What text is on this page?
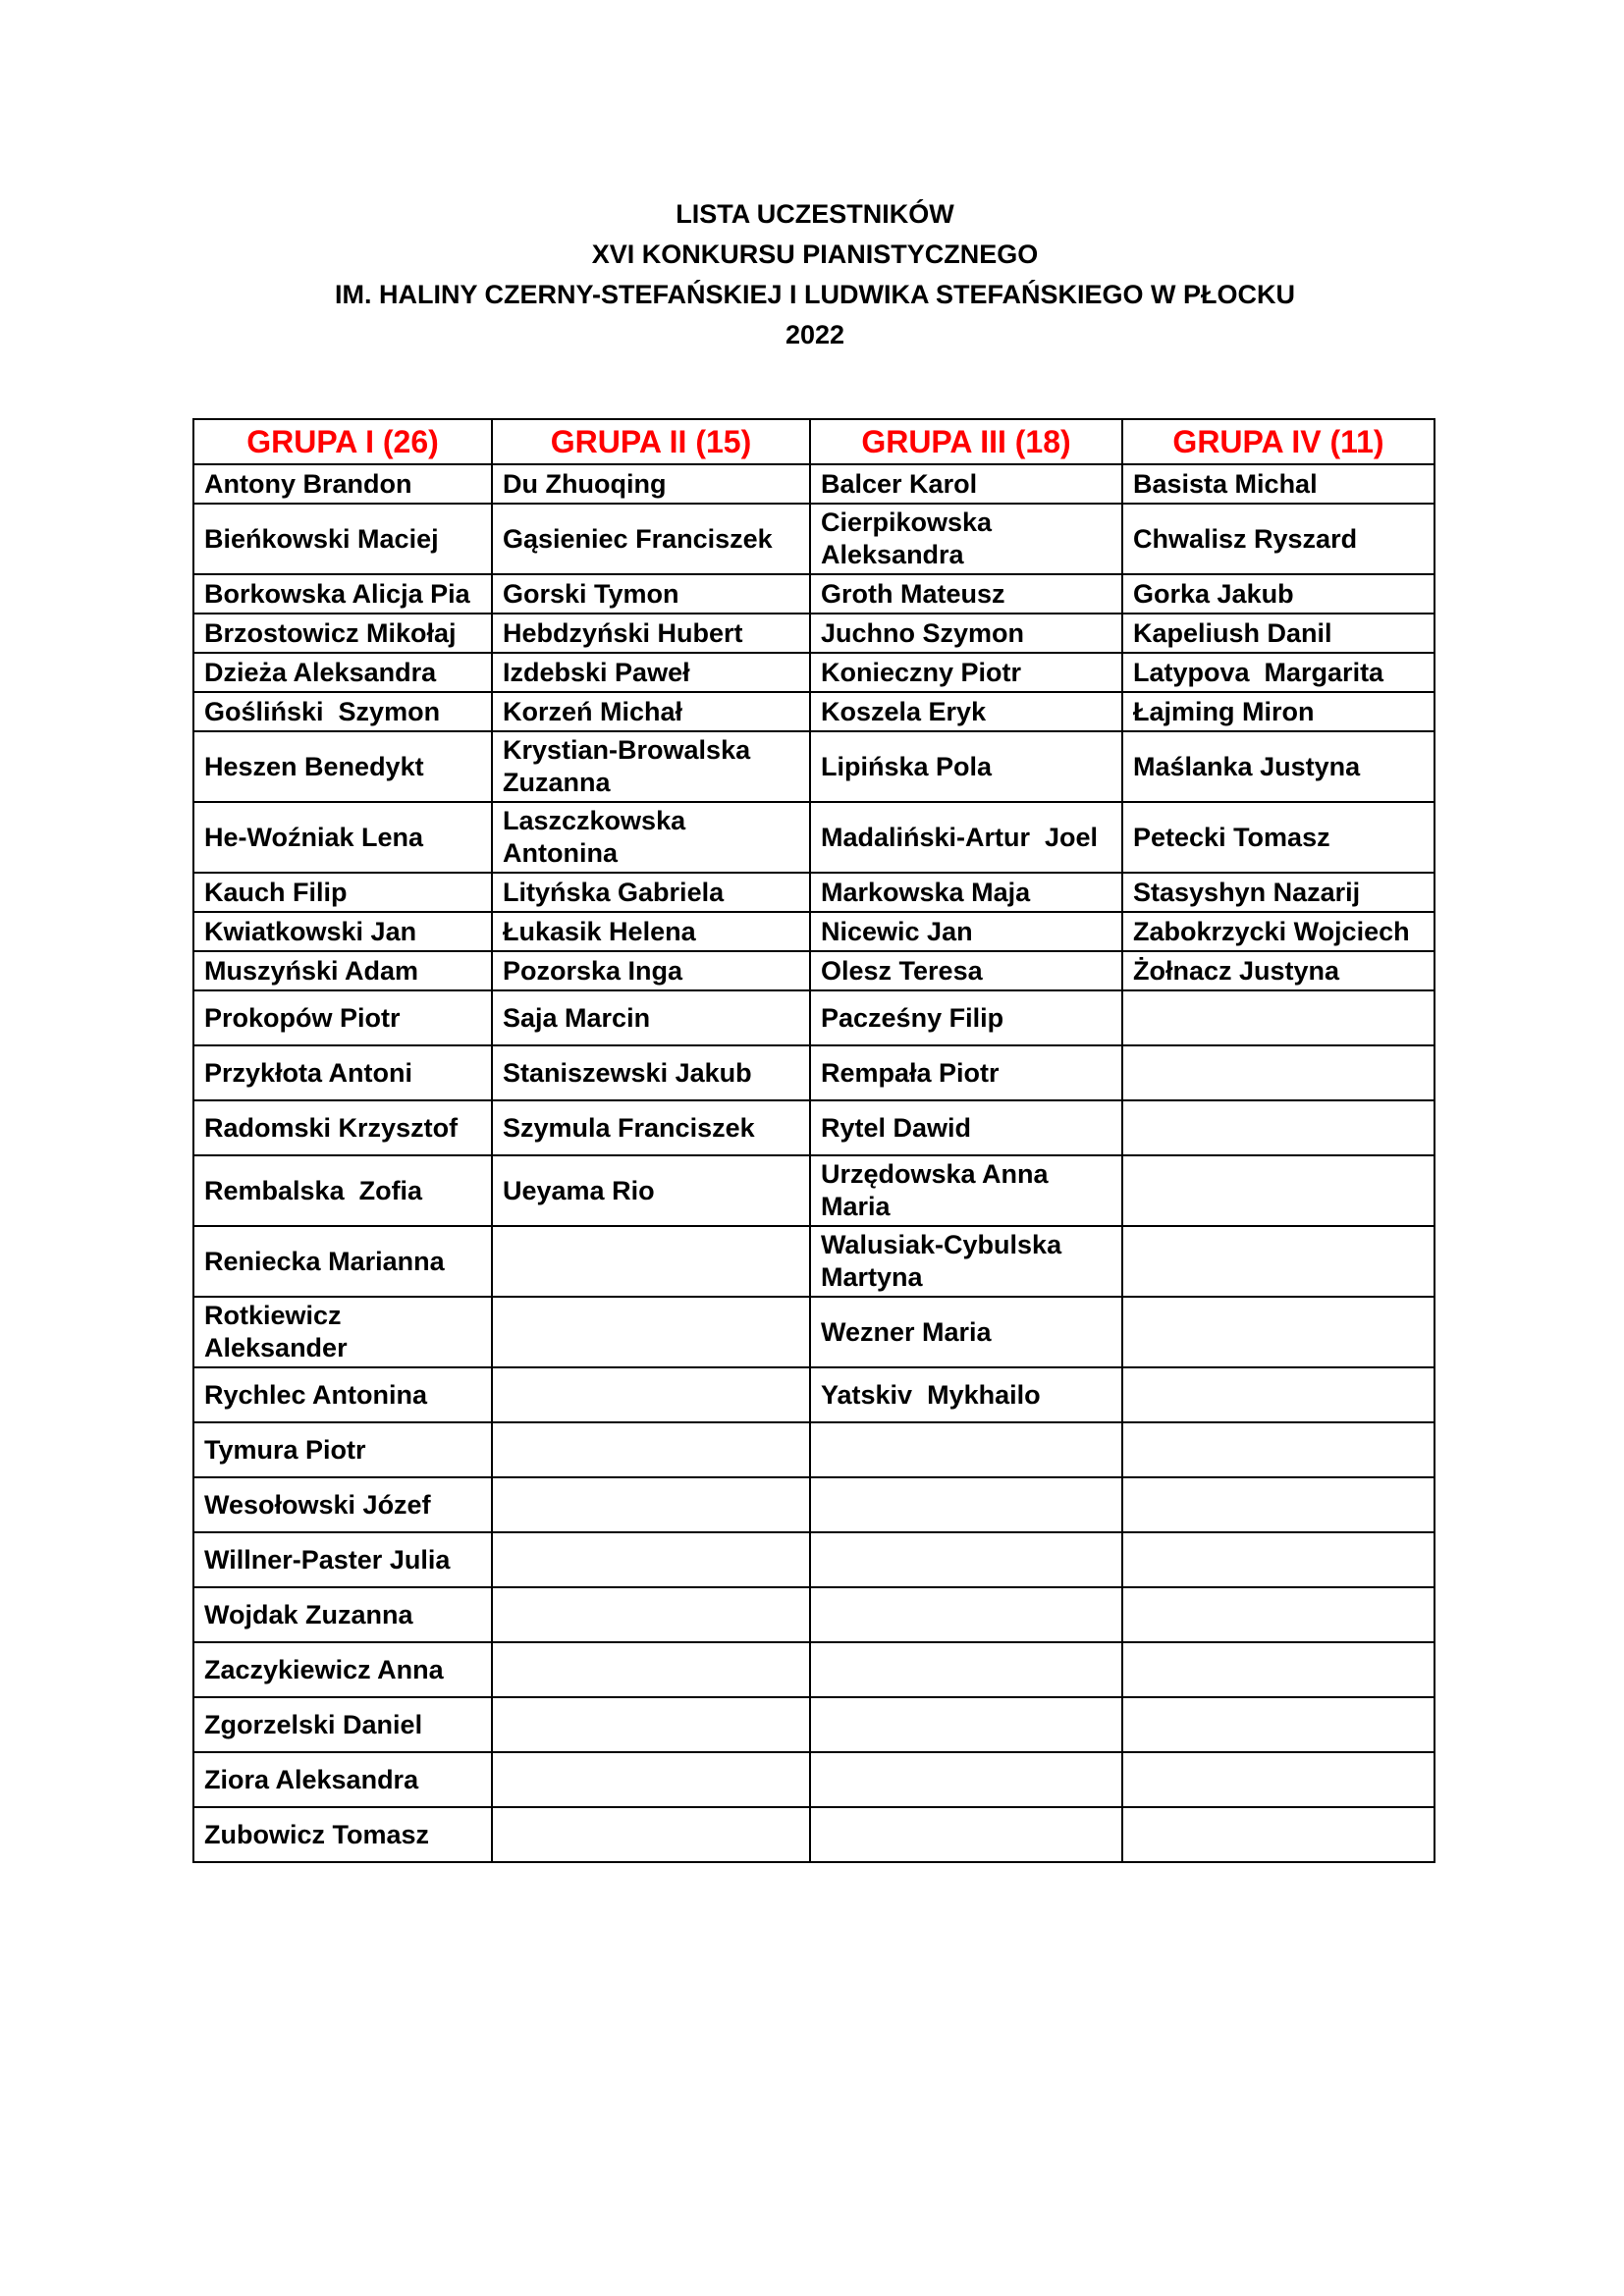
LISTA UCZESTNIKÓW
XVI KONKURSU PIANISTYCZNEGO
IM. HALINY CZERNY-STEFAŃSKIEJ I LUDWIKA STEFAŃSKIEGO W PŁOCKU
2022
GRUPA I (26)	GRUPA II (15)	GRUPA III (18)	GRUPA IV (11)
Antony Brandon	Du Zhuoqing	Balcer Karol	Basista Michal
Bieńkowski Maciej	Gąsieniec Franciszek	Cierpikowska Aleksandra	Chwalisz Ryszard
Borkowska Alicja Pia	Gorski Tymon	Groth Mateusz	Gorka Jakub
Brzostowicz Mikołaj	Hebdzyński Hubert	Juchno Szymon	Kapeliush Danil
Dzieża Aleksandra	Izdebski Paweł	Konieczny Piotr	Latypova  Margarita
Gośliński  Szymon	Korzeń Michał	Koszela Eryk	Łajming Miron
Heszen Benedykt	Krystian-Browalska Zuzanna	Lipińska Pola	Maślanka Justyna
He-Woźniak Lena	Laszczkowska Antonina	Madaliński-Artur  Joel	Petecki Tomasz
Kauch Filip	Lityńska Gabriela	Markowska Maja	Stasyshyn Nazarij
Kwiatkowski Jan	Łukasik Helena	Nicewic Jan	Zabokrzycki Wojciech
Muszyński Adam	Pozorska Inga	Olesz Teresa	Żołnacz Justyna
Prokopów Piotr	Saja Marcin	Pacześny Filip	
Przykłota Antoni	Staniszewski Jakub	Rempała Piotr	
Radomski Krzysztof	Szymula Franciszek	Rytel Dawid	
Rembalska  Zofia	Ueyama Rio	Urzędowska Anna Maria	
Reniecka Marianna		Walusiak-Cybulska Martyna	
Rotkiewicz Aleksander		Wezner Maria	
Rychlec Antonina		Yatskiv  Mykhailo	
Tymura Piotr			
Wesołowski Józef			
Willner-Paster Julia			
Wojdak Zuzanna			
Zaczykiewicz Anna			
Zgorzelski Daniel			
Ziora Aleksandra			
Zubowicz Tomasz			
